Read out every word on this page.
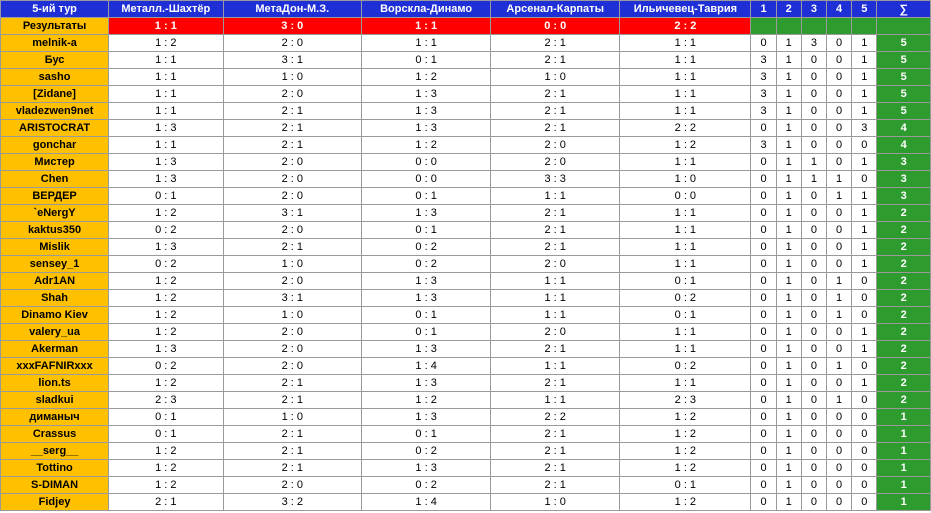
5-ий тур	Металл.-Шахтёр	МетаДон-М.З.	Ворскла-Динамо	Арсенал-Карпаты	Ильичевец-Таврия	1	2	3	4	5	∑
Результаты	1 : 1	3 : 0	1 : 1	0 : 0	2 : 2						
melnik-a	1 : 2	2 : 0	1 : 1	2 : 1	1 : 1	0	1	3	0	1	5
Бус	1 : 1	3 : 1	0 : 1	2 : 1	1 : 1	3	1	0	0	1	5
sasho	1 : 1	1 : 0	1 : 2	1 : 0	1 : 1	3	1	0	0	1	5
[Zidane]	1 : 1	2 : 0	1 : 3	2 : 1	1 : 1	3	1	0	0	1	5
vladezwen9net	1 : 1	2 : 1	1 : 3	2 : 1	1 : 1	3	1	0	0	1	5
ARISTOCRAT	1 : 3	2 : 1	1 : 3	2 : 1	2 : 2	0	1	0	0	3	4
gonchar	1 : 1	2 : 1	1 : 2	2 : 0	1 : 2	3	1	0	0	0	4
Мистер	1 : 3	2 : 0	0 : 0	2 : 0	1 : 1	0	1	1	0	1	3
Chen	1 : 3	2 : 0	0 : 0	3 : 3	1 : 0	0	1	1	1	0	3
ВЕРДЕР	0 : 1	2 : 0	0 : 1	1 : 1	0 : 0	0	1	0	1	1	3
`eNergY	1 : 2	3 : 1	1 : 3	2 : 1	1 : 1	0	1	0	0	1	2
kaktus350	0 : 2	2 : 0	0 : 1	2 : 1	1 : 1	0	1	0	0	1	2
Mislik	1 : 3	2 : 1	0 : 2	2 : 1	1 : 1	0	1	0	0	1	2
sensey_1	0 : 2	1 : 0	0 : 2	2 : 0	1 : 1	0	1	0	0	1	2
Adr1AN	1 : 2	2 : 0	1 : 3	1 : 1	0 : 1	0	1	0	1	0	2
Shah	1 : 2	3 : 1	1 : 3	1 : 1	0 : 2	0	1	0	1	0	2
Dinamo Kiev	1 : 2	1 : 0	0 : 1	1 : 1	0 : 1	0	1	0	1	0	2
valery_ua	1 : 2	2 : 0	0 : 1	2 : 0	1 : 1	0	1	0	0	1	2
Akerman	1 : 3	2 : 0	1 : 3	2 : 1	1 : 1	0	1	0	0	1	2
xxxFAFNIRxxx	0 : 2	2 : 0	1 : 4	1 : 1	0 : 2	0	1	0	1	0	2
lion.ts	1 : 2	2 : 1	1 : 3	2 : 1	1 : 1	0	1	0	0	1	2
sladkui	2 : 3	2 : 1	1 : 2	1 : 1	2 : 3	0	1	0	1	0	2
диманыч	0 : 1	1 : 0	1 : 3	2 : 2	1 : 2	0	1	0	0	0	1
Crassus	0 : 1	2 : 1	0 : 1	2 : 1	1 : 2	0	1	0	0	0	1
__serg__	1 : 2	2 : 1	0 : 2	2 : 1	1 : 2	0	1	0	0	0	1
Tottino	1 : 2	2 : 1	1 : 3	2 : 1	1 : 2	0	1	0	0	0	1
S-DIMAN	1 : 2	2 : 0	0 : 2	2 : 1	0 : 1	0	1	0	0	0	1
Fidjey	2 : 1	3 : 2	1 : 4	1 : 0	1 : 2	0	1	0	0	0	1
